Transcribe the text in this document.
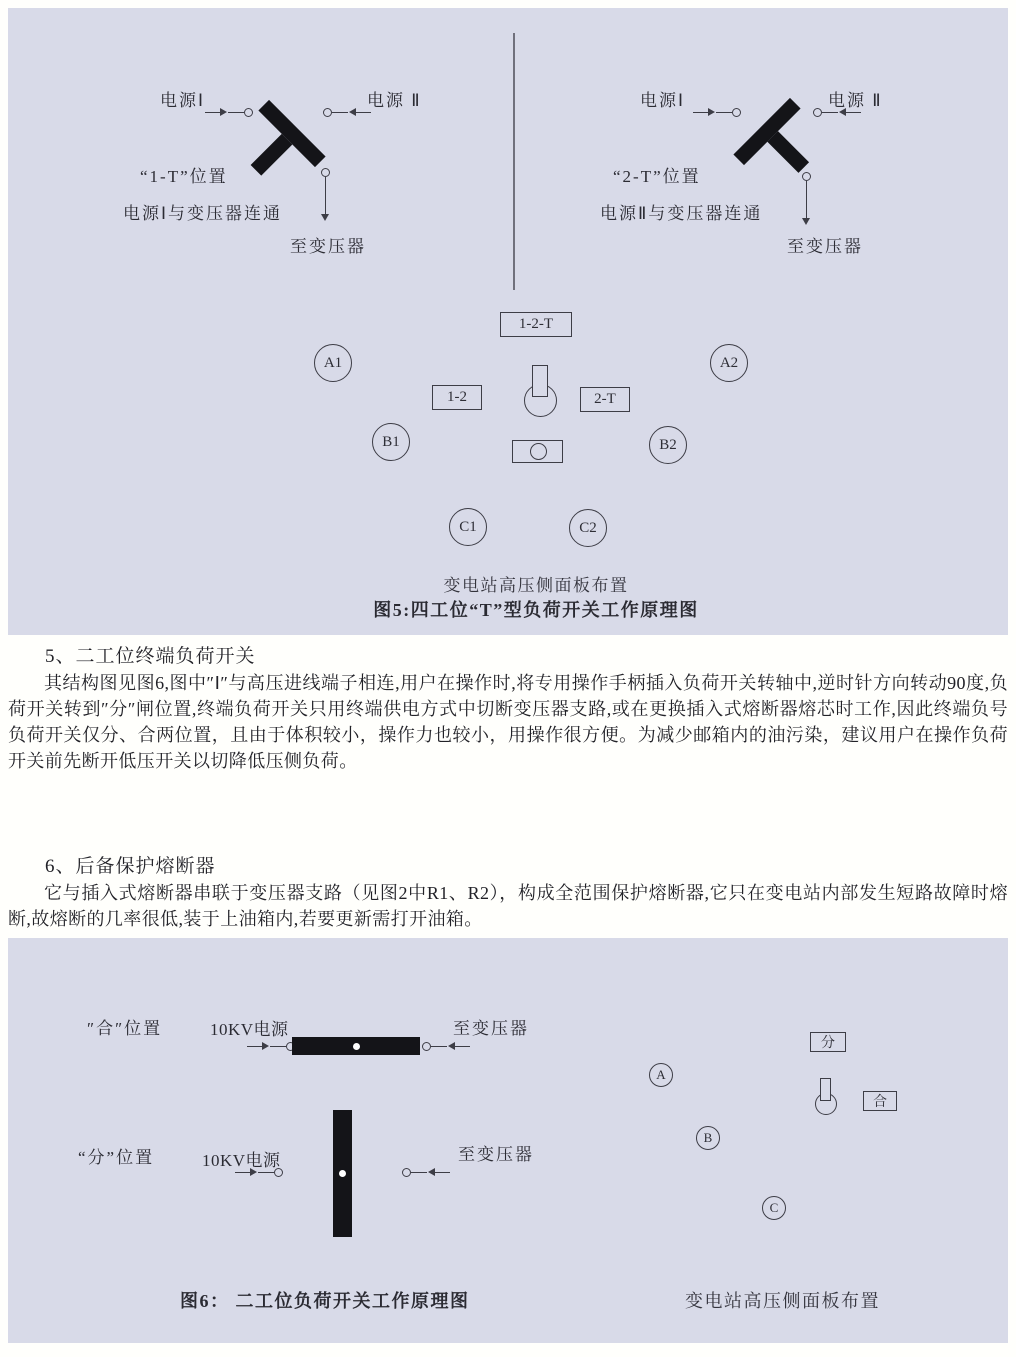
电源Ⅰ	电源 Ⅱ
“1-T”位置
电源Ⅰ与变压器连通
至变压器
电源Ⅰ	电源 Ⅱ
“2-T”位置
电源Ⅱ与变压器连通
至变压器
1-2-T
A1	A2
1-2	2-T
B1	B2
C1	C2
变电站高压侧面板布置
图5:四工位“T”型负荷开关工作原理图
5、二工位终端负荷开关
其结构图见图6,图中″Ⅰ″与高压进线端子相连,用户在操作时,将专用操作手柄插入负荷开关转轴中,逆时针方向转动90度,负荷开关转到″分″闸位置,终端负荷开关只用终端供电方式中切断变压器支路,或在更换插入式熔断器熔芯时工作,因此终端负号负荷开关仅分、合两位置，且由于体积较小，操作力也较小，用操作很方便。为减少邮箱内的油污染，建议用户在操作负荷开关前先断开低压开关以切降低压侧负荷。
6、后备保护熔断器
它与插入式熔断器串联于变压器支路（见图2中R1、R2），构成全范围保护熔断器,它只在变电站内部发生短路故障时熔断,故熔断的几率很低,装于上油箱内,若要更新需打开油箱。
″合″位置	10KV电源	至变压器
“分”位置	10KV电源	至变压器
分
A
合
B
C
图6： 二工位负荷开关工作原理图	变电站高压侧面板布置
